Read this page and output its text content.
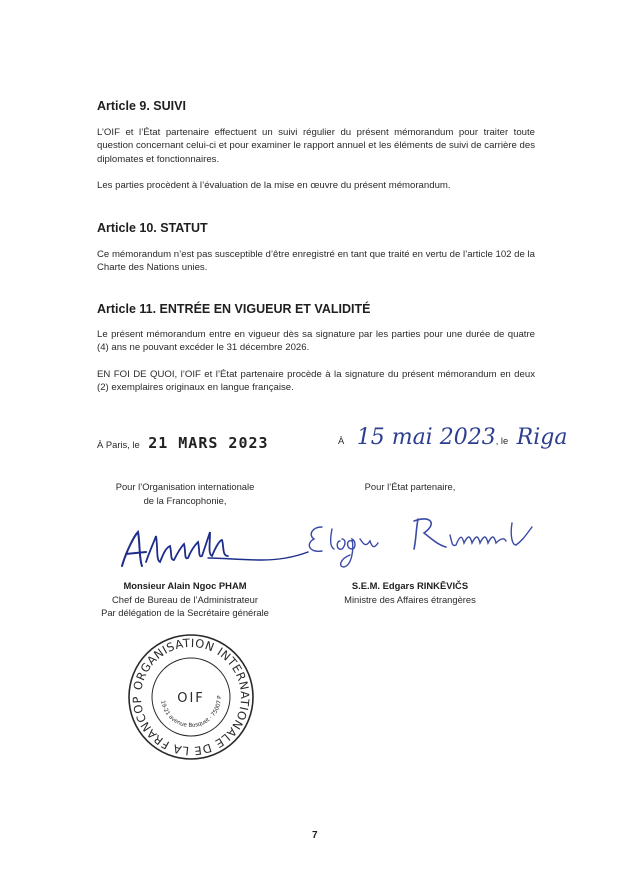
Article 9. SUIVI

L’OIF et l’État partenaire effectuent un suivi régulier du présent mémorandum pour traiter toute question concernant celui-ci et pour examiner le rapport annuel et les éléments de suivi de carrière des diplomates et fonctionnaires.

Les parties procèdent à l’évaluation de la mise en œuvre du présent mémorandum.

Article 10. STATUT

Ce mémorandum n’est pas susceptible d’être enregistré en tant que traité en vertu de l’article 102 de la Charte des Nations unies.

Article 11. ENTRÉE EN VIGUEUR ET VALIDITÉ

Le présent mémorandum entre en vigueur dès sa signature par les parties pour une durée de quatre (4) ans ne pouvant excéder le 31 décembre 2026.

EN FOI DE QUOI, l’OIF et l’État partenaire procède à la signature du présent mémorandum en deux (2) exemplaires originaux en langue française.

À Paris, le 21 MARS 2023	À 15 mai 2023, le Riga
Pour l’Organisation internationale
de la Francophonie,
Pour l’État partenaire,
Monsieur Alain Ngoc PHAM
Chef de Bureau de l’Administrateur
Par délégation de la Secrétaire générale
S.E.M. Edgars RINKĒVIČS
Ministre des Affaires étrangères
ORGANISATION INTERNATIONALE DE LA FRANCOP	OIF
19-21 avenue Bosquet · 75007 P
7
